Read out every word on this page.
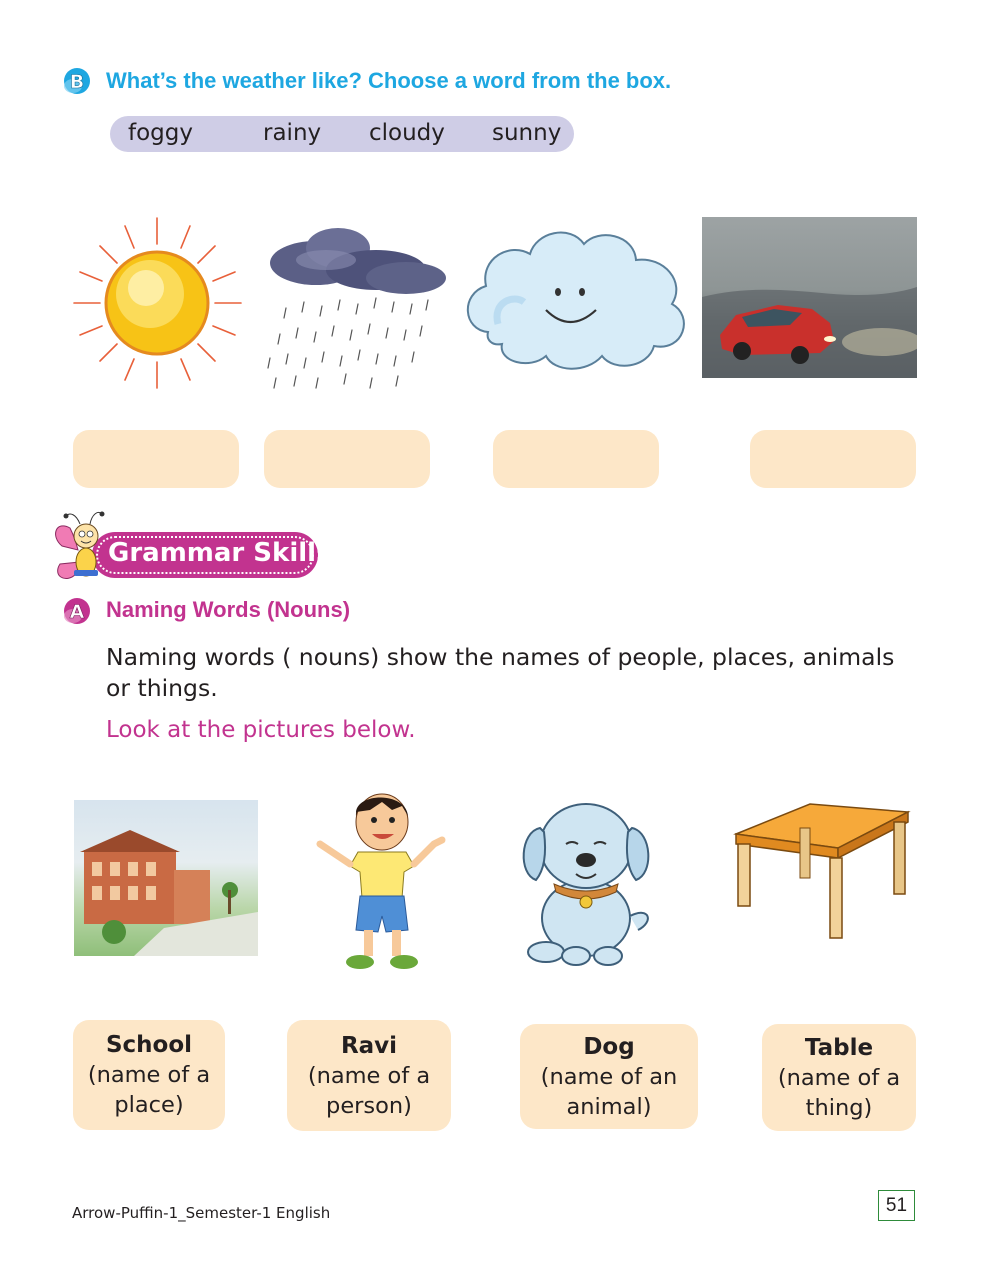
B What’s the weather like? Choose a word from the box.
foggy	rainy cloudy sunny
Grammar Skills
A Naming Words (Nouns)
Naming words ( nouns) show the names of people, places, animals or things.
Look at the pictures below.
School
(name of a
place)
Ravi
(name of a
person)
Dog
(name of an
animal)
Table
(name of a
thing)
Arrow-Puffin-1_Semester-1 English	51
